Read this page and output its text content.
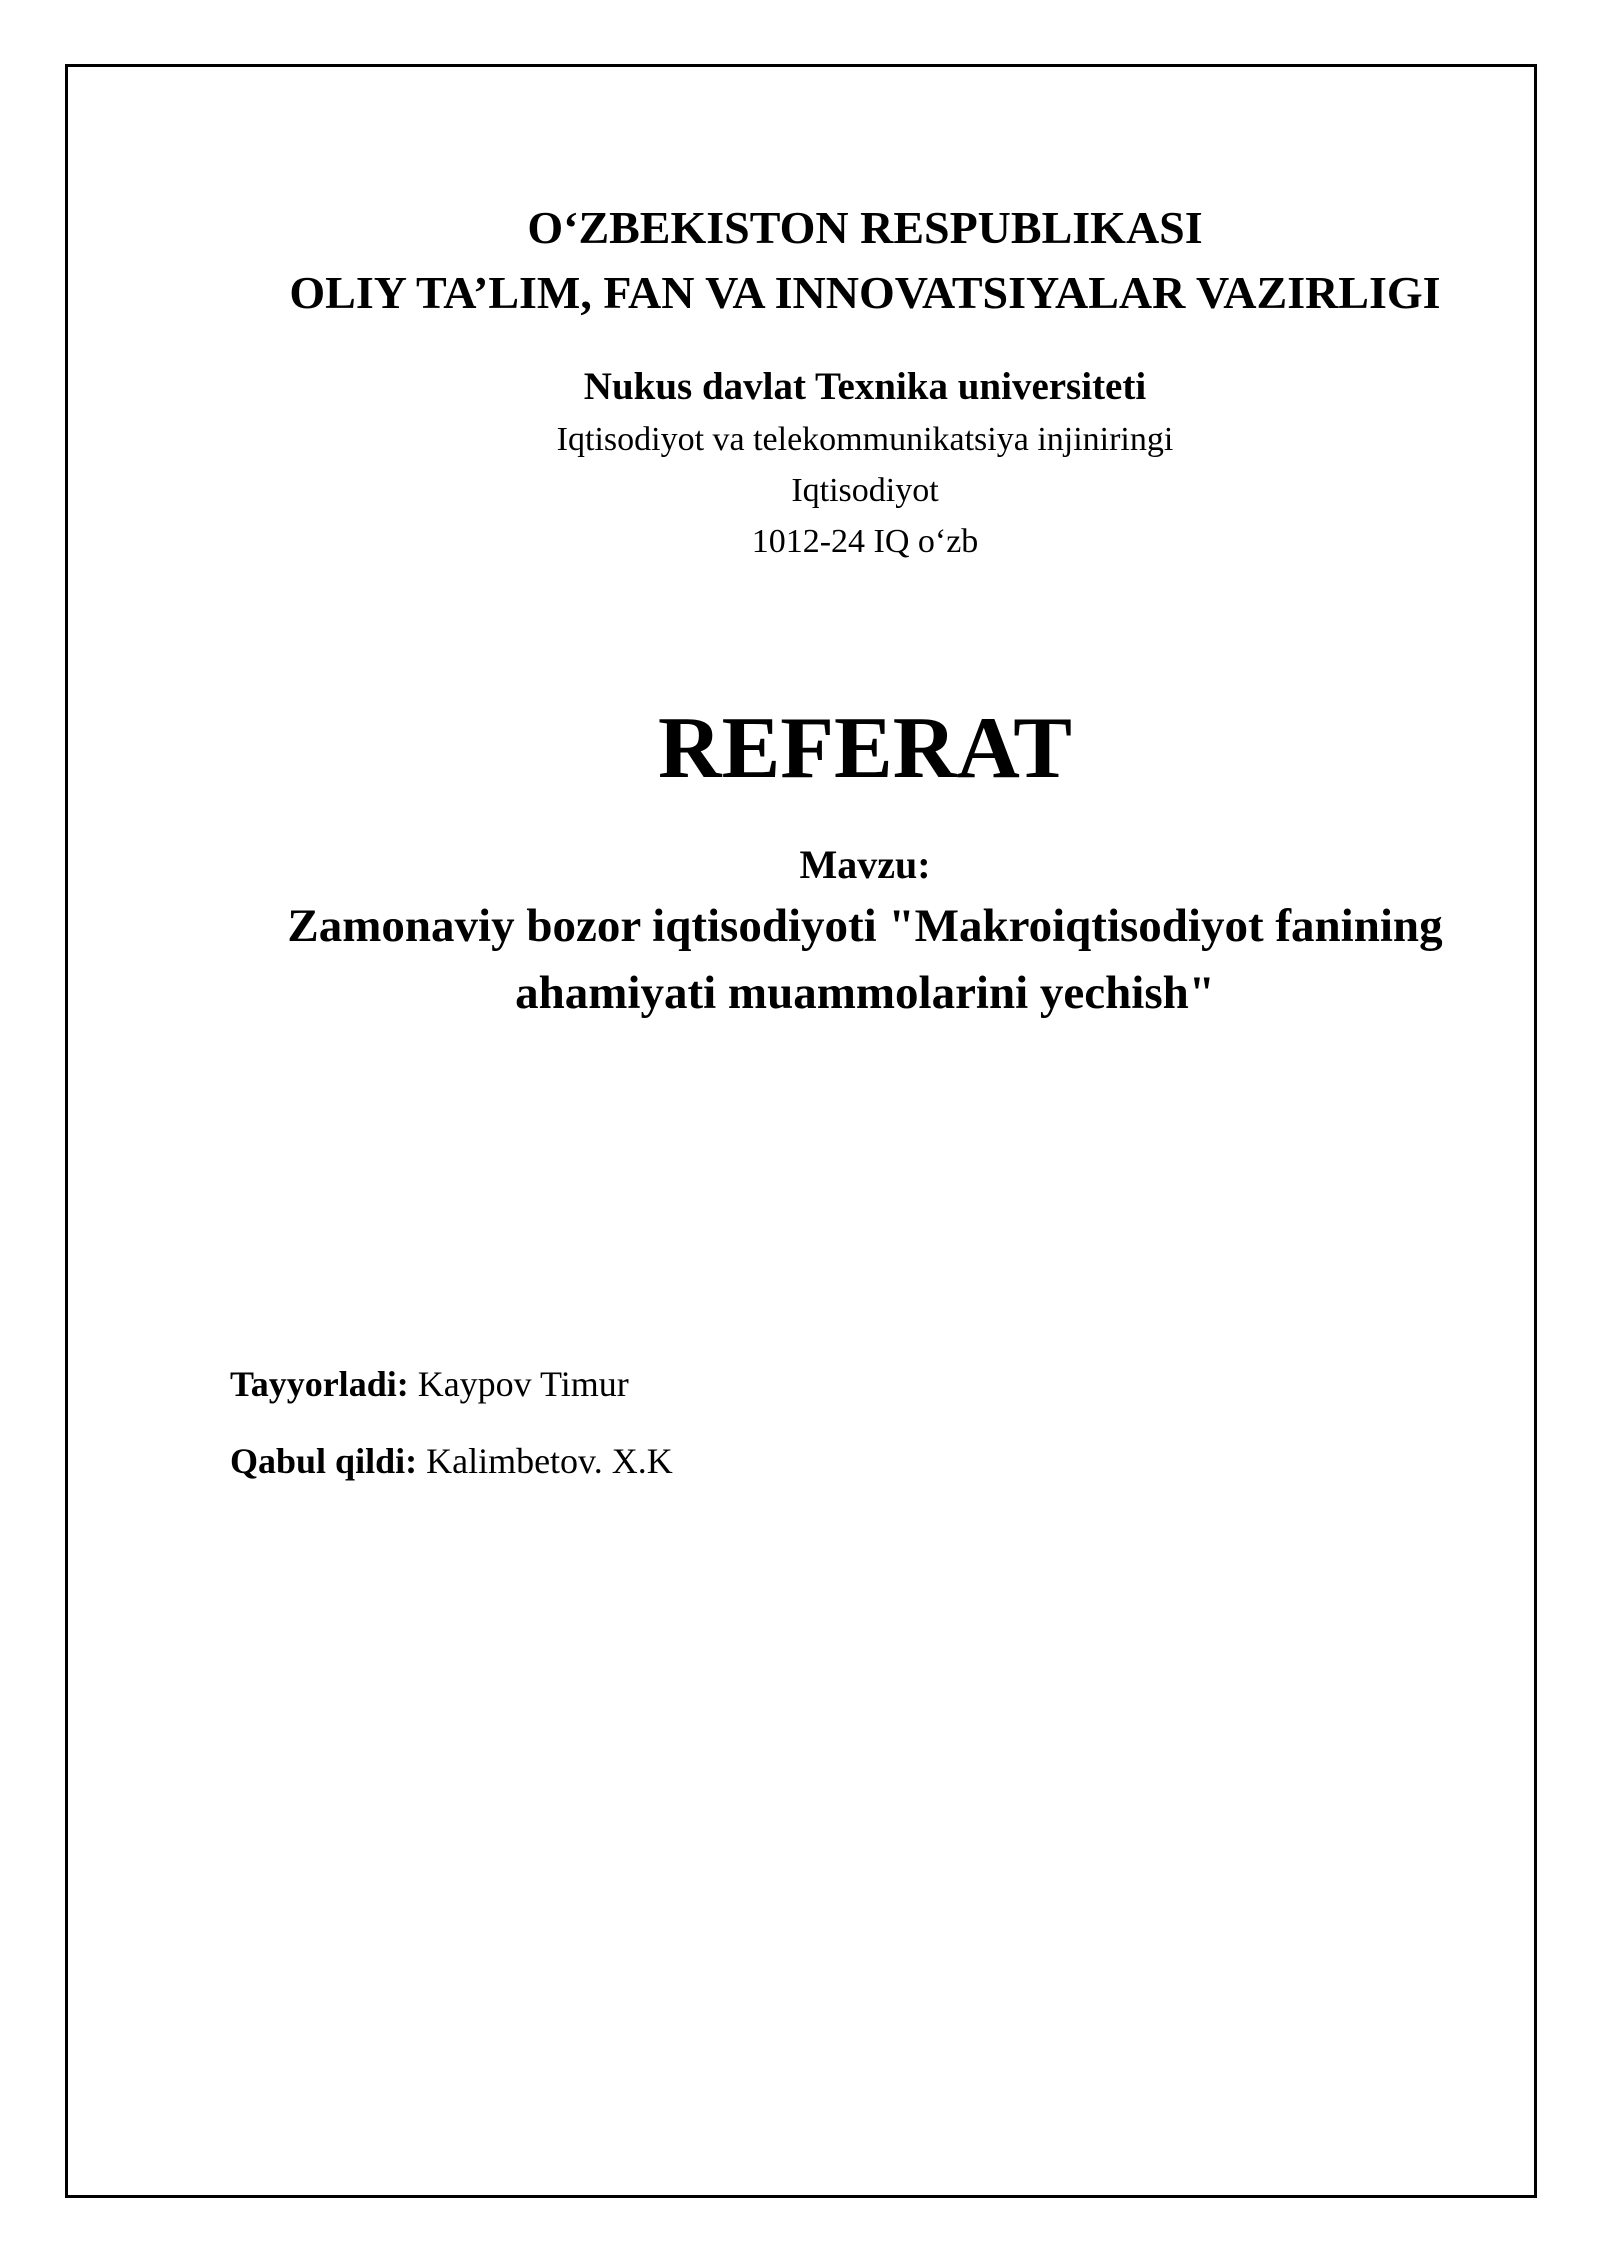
O‘ZBEKISTON RESPUBLIKASI
OLIY TA’LIM, FAN VA INNOVATSIYALAR VAZIRLIGI
Nukus davlat Texnika universiteti
Iqtisodiyot va telekommunikatsiya injiniringi
Iqtisodiyot
1012-24 IQ o‘zb
REFERAT
Mavzu:
Zamonaviy bozor iqtisodiyoti "Makroiqtisodiyot fanining
ahamiyati muammolarini yechish"
Tayyorladi: Kaypov Timur
Qabul qildi: Kalimbetov. X.K
